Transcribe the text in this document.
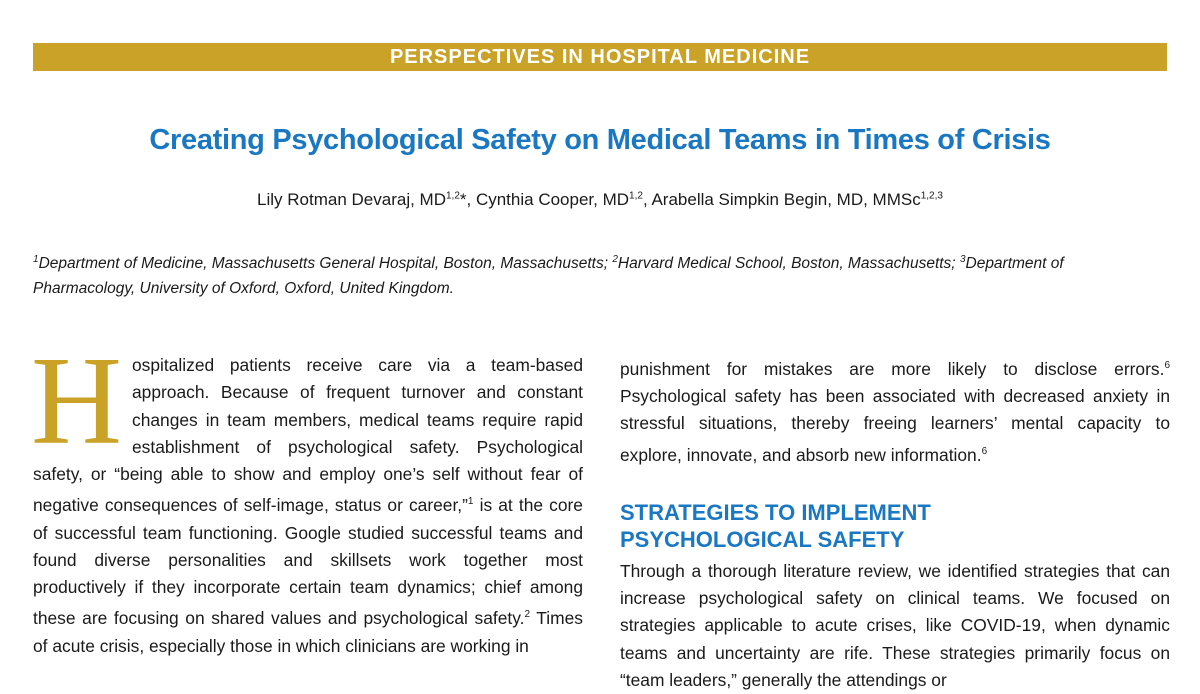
PERSPECTIVES IN HOSPITAL MEDICINE
Creating Psychological Safety on Medical Teams in Times of Crisis
Lily Rotman Devaraj, MD$^{1,2}$*, Cynthia Cooper, MD$^{1,2}$, Arabella Simpkin Begin, MD, MMSc$^{1,2,3}$
$^1$Department of Medicine, Massachusetts General Hospital, Boston, Massachusetts; $^2$Harvard Medical School, Boston, Massachusetts; $^3$Department of Pharmacology, University of Oxford, Oxford, United Kingdom.

Hospitalized patients receive care via a team-based approach. Because of frequent turnover and constant changes in team members, medical teams require rapid establishment of psychological safety. Psychological safety, or “being able to show and employ one’s self without fear of negative consequences of self-image, status or career,”$^1$ is at the core of successful team functioning. Google studied successful teams and found diverse personalities and skillsets work together most productively if they incorporate certain team dynamics; chief among these are focusing on shared values and psychological safety.$^2$ Times of acute crisis, especially those in which clinicians are working in

punishment for mistakes are more likely to disclose errors.$^6$ Psychological safety has been associated with decreased anxiety in stressful situations, thereby freeing learners’ mental capacity to explore, innovate, and absorb new information.$^6$

STRATEGIES TO IMPLEMENT
PSYCHOLOGICAL SAFETY

Through a thorough literature review, we identified strategies that can increase psychological safety on clinical teams. We focused on strategies applicable to acute crises, like COVID-19, when dynamic teams and uncertainty are rife. These strategies primarily focus on “team leaders,” generally the attendings or
